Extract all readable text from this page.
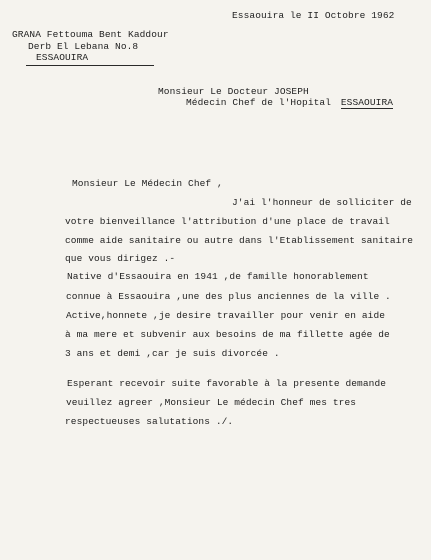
Essaouira le II Octobre 1962
GRANA Fettouma Bent Kaddour
Derb El Lebana No.8
ESSAOUIRA
Monsieur Le Docteur JOSEPH
Médecin Chef de l'Hopital ESSAOUIRA
Monsieur Le Médecin Chef ,
J'ai l'honneur de solliciter de
votre bienveillance l'attribution d'une place de travail
comme aide sanitaire ou autre dans l'Etablissement sanitaire
que vous dirigez .-
Native d'Essaouira en 1941 ,de famille honorablement
connue à Essaouira ,une des plus anciennes de la ville .
Active,honnete ,je desire travailler pour venir en aide
à ma mere et subvenir aux besoins de ma fillette agée de
3 ans et demi ,car je suis divorcée .
Esperant recevoir suite favorable à la presente demande
veuillez agreer ,Monsieur Le médecin Chef mes tres
respectueuses salutations ./.
